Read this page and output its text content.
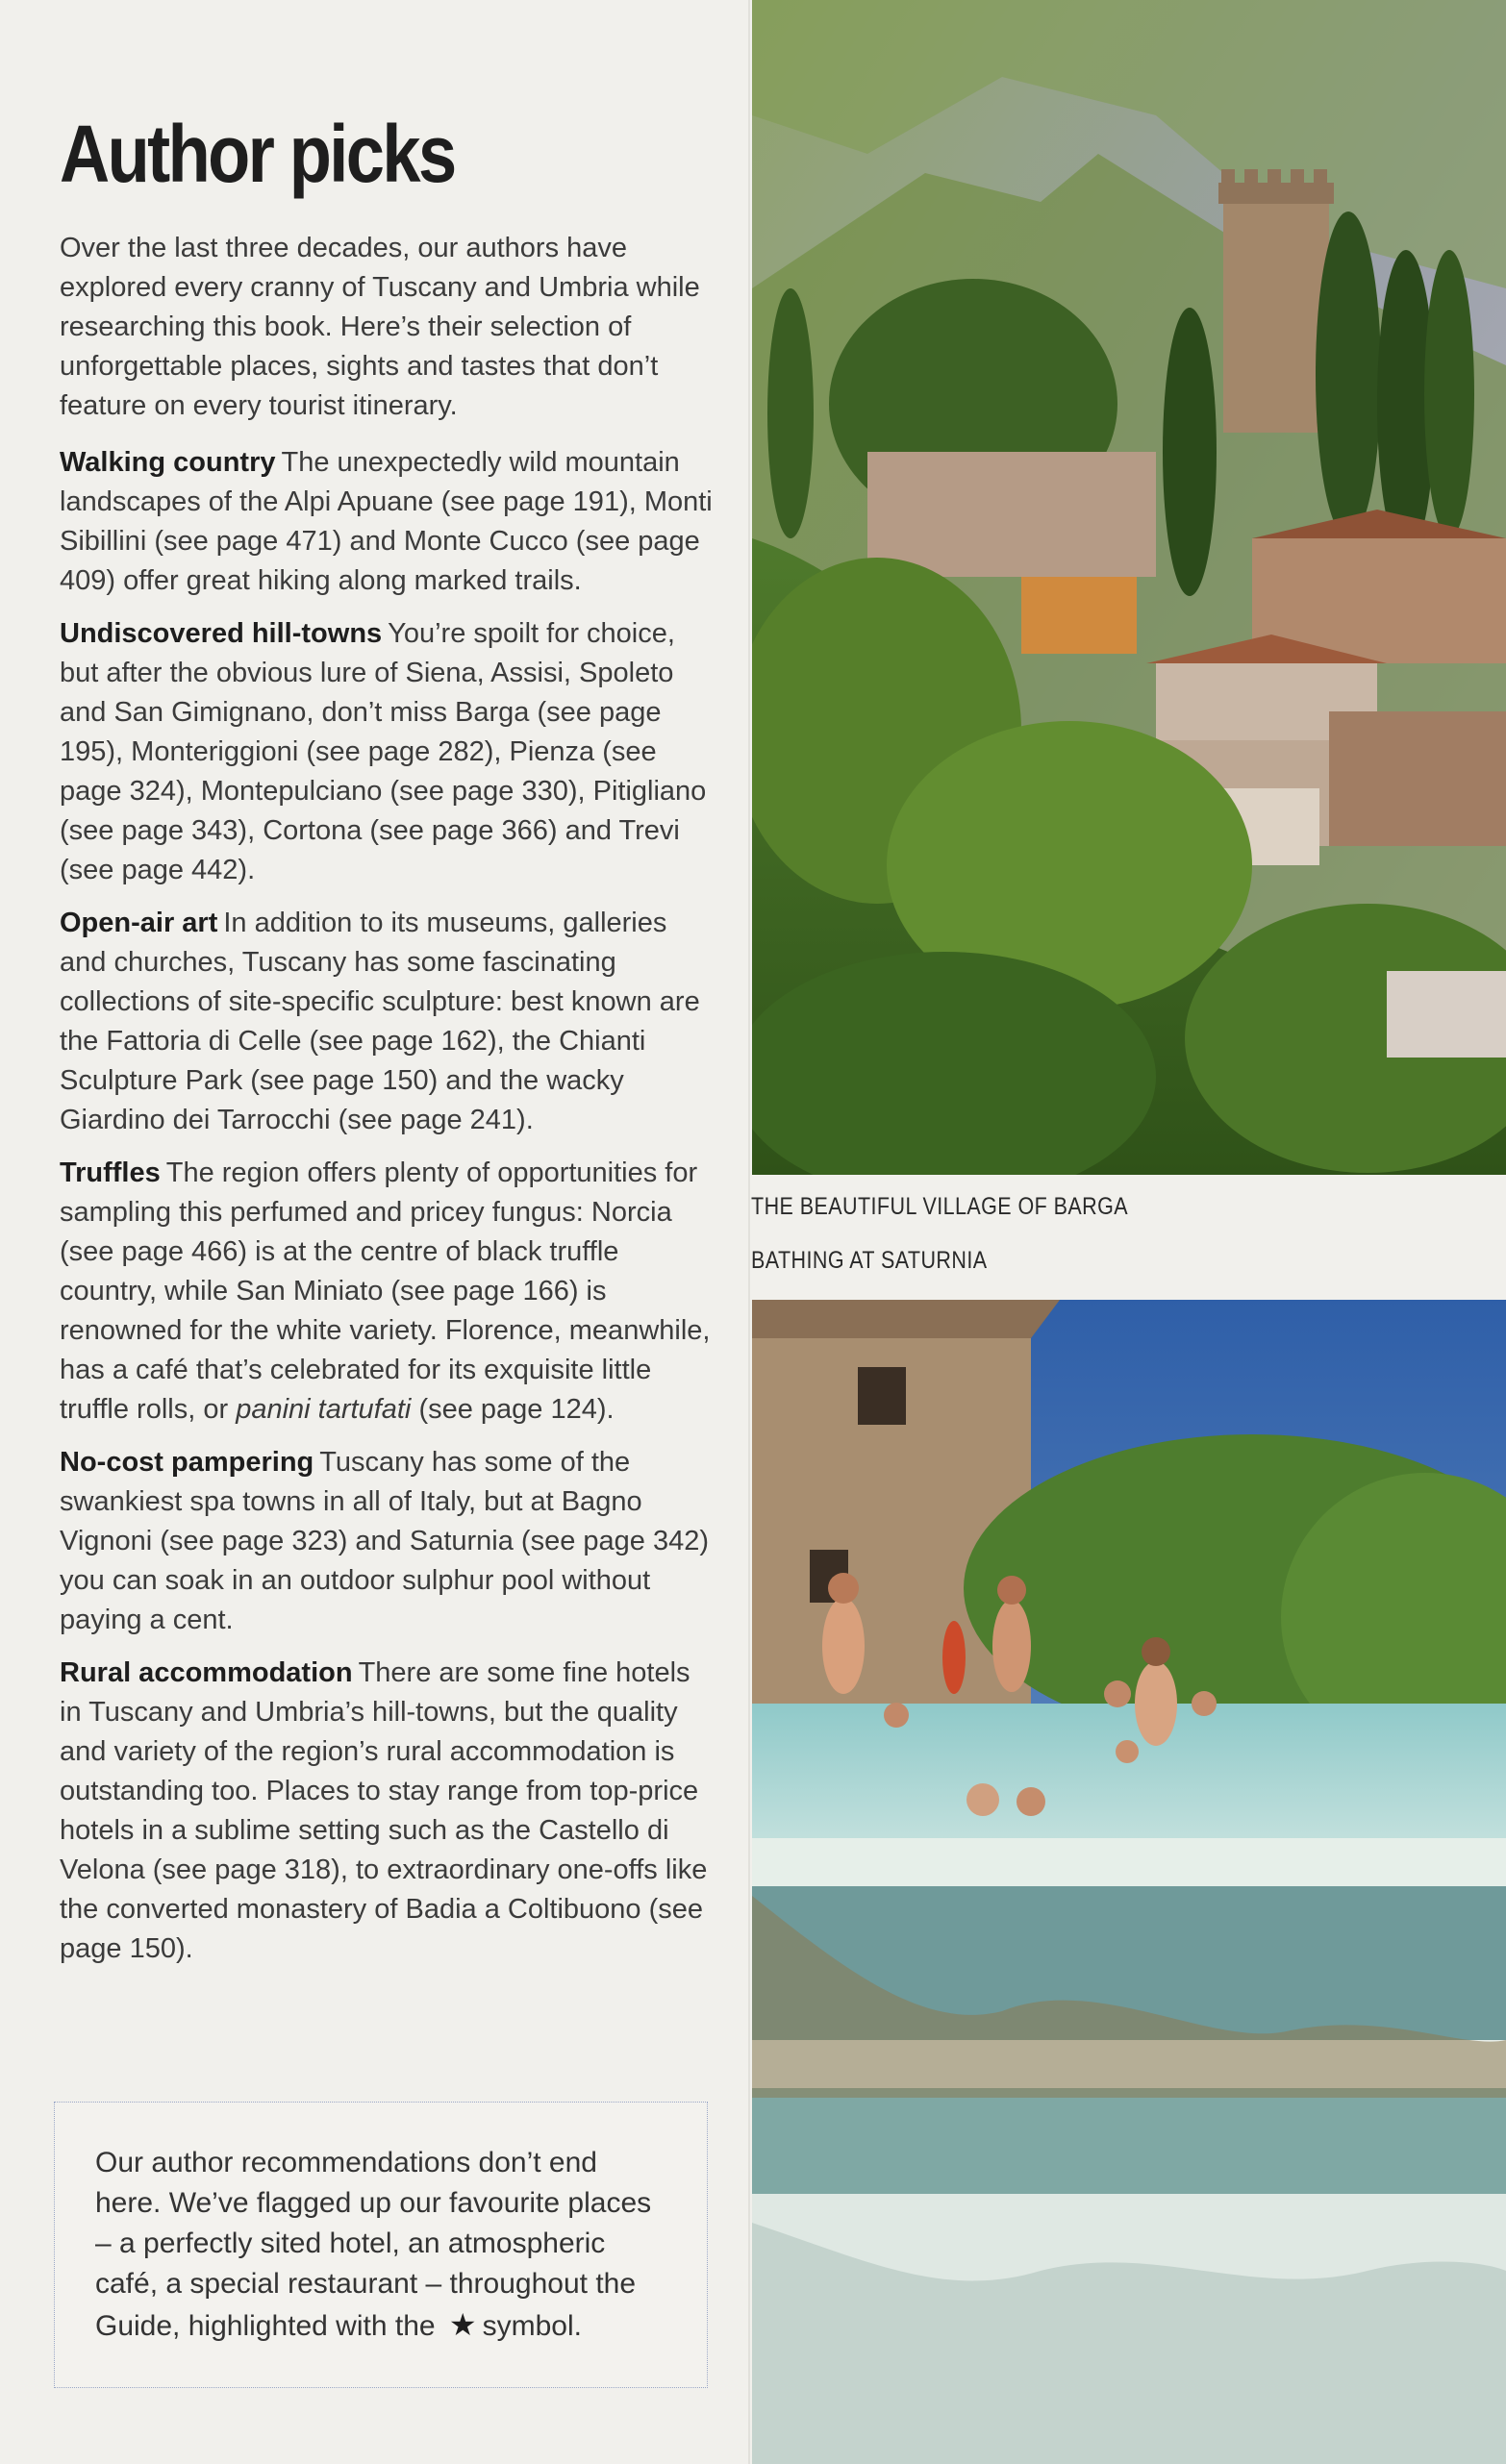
Author picks

Over the last three decades, our authors have explored every cranny of Tuscany and Umbria while researching this book. Here’s their selection of unforgettable places, sights and tastes that don’t feature on every tourist itinerary.

Walking country The unexpectedly wild mountain landscapes of the Alpi Apuane (see page 191), Monti Sibillini (see page 471) and Monte Cucco (see page 409) offer great hiking along marked trails.

Undiscovered hill-towns You’re spoilt for choice, but after the obvious lure of Siena, Assisi, Spoleto and San Gimignano, don’t miss Barga (see page 195), Monteriggioni (see page 282), Pienza (see page 324), Montepulciano (see page 330), Pitigliano (see page 343), Cortona (see page 366) and Trevi (see page 442).

Open-air art In addition to its museums, galleries and churches, Tuscany has some fascinating collections of site-specific sculpture: best known are the Fattoria di Celle (see page 162), the Chianti Sculpture Park (see page 150) and the wacky Giardino dei Tarrocchi (see page 241).

Truffles The region offers plenty of opportunities for sampling this perfumed and pricey fungus: Norcia (see page 466) is at the centre of black truffle country, while San Miniato (see page 166) is renowned for the white variety. Florence, meanwhile, has a café that’s celebrated for its exquisite little truffle rolls, or panini tartufati (see page 124).

No-cost pampering Tuscany has some of the swankiest spa towns in all of Italy, but at Bagno Vignoni (see page 323) and Saturnia (see page 342) you can soak in an outdoor sulphur pool without paying a cent.

Rural accommodation There are some fine hotels in Tuscany and Umbria’s hill-towns, but the quality and variety of the region’s rural accommodation is outstanding too. Places to stay range from top-price hotels in a sublime setting such as the Castello di Velona (see page 318), to extraordinary one-offs like the converted monastery of Badia a Coltibuono (see page 150).

Our author recommendations don’t end here. We’ve flagged up our favourite places – a perfectly sited hotel, an atmospheric café, a special restaurant – throughout the Guide, highlighted with the ★ symbol.
THE BEAUTIFUL VILLAGE OF BARGA
BATHING AT SATURNIA
